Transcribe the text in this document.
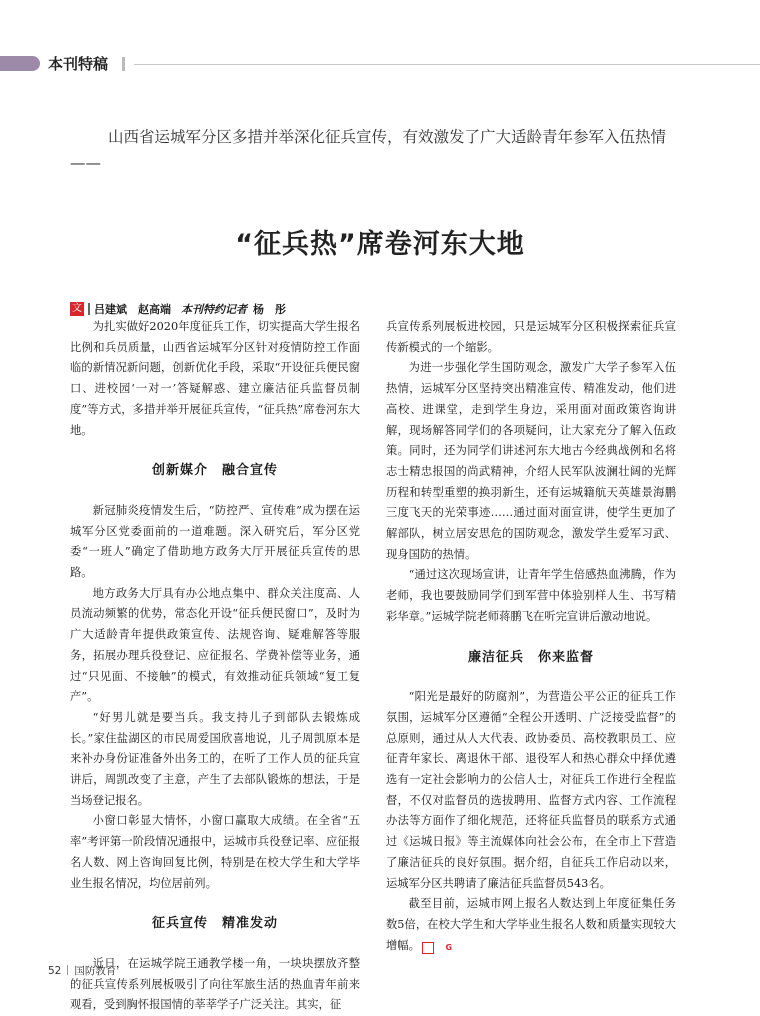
本刊特稿

山西省运城军分区多措并举深化征兵宣传，有效激发了广大适龄青年参军入伍热情——

“征兵热”席卷河东大地
文 吕建斌　赵高端 本刊特约记者 杨　彤

为扎实做好2020年度征兵工作，切实提高大学生报名比例和兵员质量，山西省运城军分区针对疫情防控工作面临的新情况新问题，创新优化手段，采取“开设征兵便民窗口、进校园‘一对一’答疑解惑、建立廉洁征兵监督员制度”等方式，多措并举开展征兵宣传，“征兵热”席卷河东大地。

创新媒介　融合宣传

新冠肺炎疫情发生后，“防控严、宣传难”成为摆在运城军分区党委面前的一道难题。深入研究后，军分区党委“一班人”确定了借助地方政务大厅开展征兵宣传的思路。

地方政务大厅具有办公地点集中、群众关注度高、人员流动频繁的优势，常态化开设“征兵便民窗口”，及时为广大适龄青年提供政策宣传、法规咨询、疑难解答等服务，拓展办理兵役登记、应征报名、学费补偿等业务，通过“只见面、不接触”的模式，有效推动征兵领域“复工复产”。

“好男儿就是要当兵。我支持儿子到部队去锻炼成长。”家住盐湖区的市民周爱国欣喜地说，儿子周凯原本是来补办身份证准备外出务工的，在听了工作人员的征兵宣讲后，周凯改变了主意，产生了去部队锻炼的想法，于是当场登记报名。

小窗口彰显大情怀，小窗口赢取大成绩。在全省“五率”考评第一阶段情况通报中，运城市兵役登记率、应征报名人数、网上咨询回复比例，特别是在校大学生和大学毕业生报名情况，均位居前列。

征兵宣传　精准发动

近日，在运城学院王通教学楼一角，一块块摆放齐整的征兵宣传系列展板吸引了向往军旅生活的热血青年前来观看，受到胸怀报国情的莘莘学子广泛关注。其实，征

兵宣传系列展板进校园，只是运城军分区积极探索征兵宣传新模式的一个缩影。

为进一步强化学生国防观念，激发广大学子参军入伍热情，运城军分区坚持突出精准宣传、精准发动，他们进高校、进课堂，走到学生身边，采用面对面政策咨询讲解，现场解答同学们的各项疑问，让大家充分了解入伍政策。同时，还为同学们讲述河东大地古今经典战例和名将志士精忠报国的尚武精神，介绍人民军队波澜壮阔的光辉历程和转型重塑的换羽新生，还有运城籍航天英雄景海鹏三度飞天的光荣事迹……通过面对面宣讲，使学生更加了解部队，树立居安思危的国防观念，激发学生爱军习武、现身国防的热情。

“通过这次现场宣讲，让青年学生倍感热血沸腾，作为老师，我也要鼓励同学们到军营中体验别样人生、书写精彩华章。”运城学院老师蒋鹏飞在听完宣讲后激动地说。

廉洁征兵　你来监督

“阳光是最好的防腐剂”，为营造公平公正的征兵工作氛围，运城军分区遵循“全程公开透明、广泛接受监督”的总原则，通过从人大代表、政协委员、高校教职员工、应征青年家长、离退休干部、退役军人和热心群众中择优遴选有一定社会影响力的公信人士，对征兵工作进行全程监督，不仅对监督员的选拔聘用、监督方式内容、工作流程办法等方面作了细化规范，还将征兵监督员的联系方式通过《运城日报》等主流媒体向社会公布，在全市上下营造了廉洁征兵的良好氛围。据介绍，自征兵工作启动以来，运城军分区共聘请了廉洁征兵监督员543名。

截至目前，运城市网上报名人数达到上年度征集任务数5倍，在校大学生和大学毕业生报名人数和质量实现较大增幅。	G

52 国防教育
